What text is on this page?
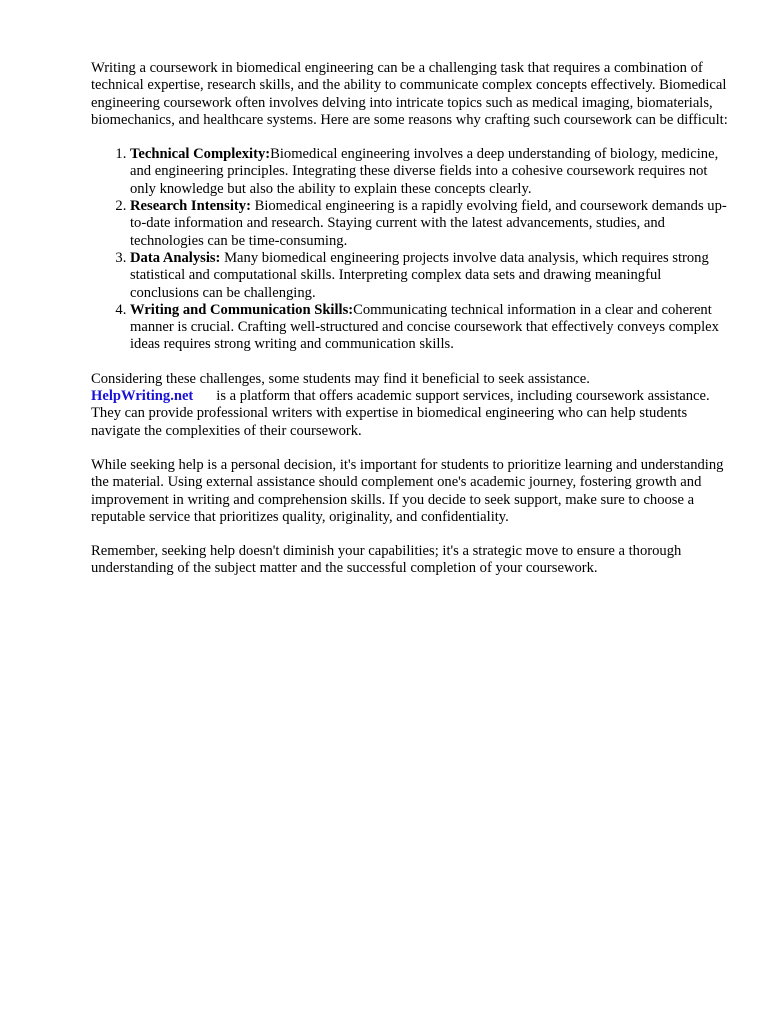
Writing a coursework in biomedical engineering can be a challenging task that requires a combination of technical expertise, research skills, and the ability to communicate complex concepts effectively. Biomedical engineering coursework often involves delving into intricate topics such as medical imaging, biomaterials, biomechanics, and healthcare systems. Here are some reasons why crafting such coursework can be difficult:

1. Technical Complexity:Biomedical engineering involves a deep understanding of biology, medicine, and engineering principles. Integrating these diverse fields into a cohesive coursework requires not only knowledge but also the ability to explain these concepts clearly.
2. Research Intensity: Biomedical engineering is a rapidly evolving field, and coursework demands up-to-date information and research. Staying current with the latest advancements, studies, and technologies can be time-consuming.
3. Data Analysis: Many biomedical engineering projects involve data analysis, which requires strong statistical and computational skills. Interpreting complex data sets and drawing meaningful conclusions can be challenging.
4. Writing and Communication Skills:Communicating technical information in a clear and coherent manner is crucial. Crafting well-structured and concise coursework that effectively conveys complex ideas requires strong writing and communication skills.

Considering these challenges, some students may find it beneficial to seek assistance.
HelpWriting.net is a platform that offers academic support services, including coursework assistance. They can provide professional writers with expertise in biomedical engineering who can help students navigate the complexities of their coursework.

While seeking help is a personal decision, it's important for students to prioritize learning and understanding the material. Using external assistance should complement one's academic journey, fostering growth and improvement in writing and comprehension skills. If you decide to seek support, make sure to choose a reputable service that prioritizes quality, originality, and confidentiality.

Remember, seeking help doesn't diminish your capabilities; it's a strategic move to ensure a thorough understanding of the subject matter and the successful completion of your coursework.
